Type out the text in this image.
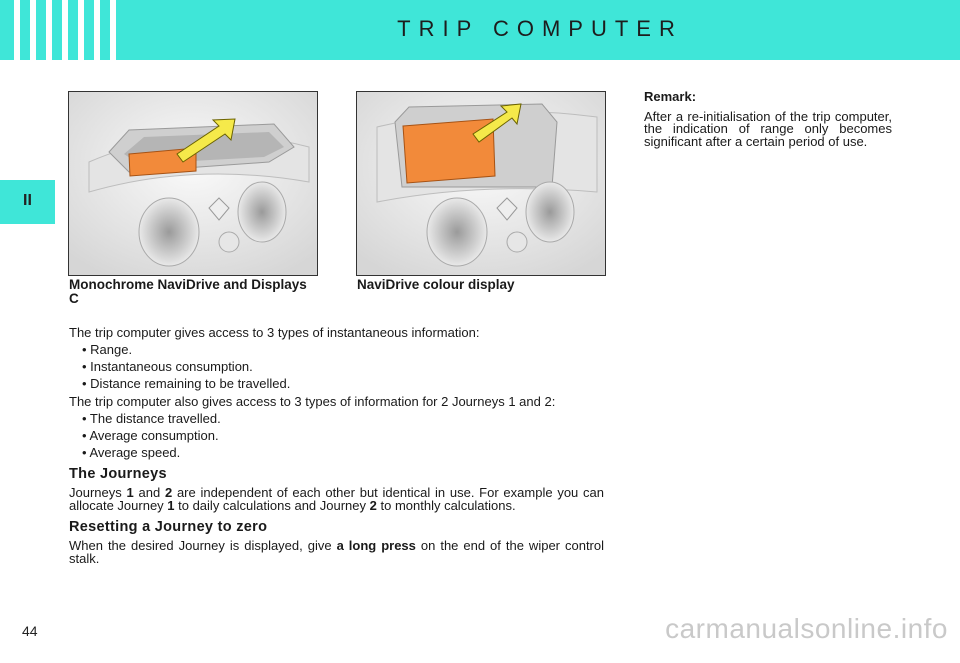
TRIP COMPUTER
II
Monochrome NaviDrive and Displays C
NaviDrive colour display

The trip computer gives access to 3 types of instantaneous information:

• Range.
• Instantaneous consumption.
• Distance remaining to be travelled.

The trip computer also gives access to 3 types of information for 2 Journeys 1 and 2:

• The distance travelled.
• Average consumption.
• Average speed.
The Journeys

Journeys 1 and 2 are independent of each other but identical in use. For example you can allocate Journey 1 to daily calculations and Journey 2 to monthly calculations.

Resetting a Journey to zero

When the desired Journey is displayed, give a long press on the end of the wiper control stalk.

Remark:
After a re-initialisation of the trip computer, the indication of range only becomes significant after a certain period of use.
44	carmanualsonline.info
